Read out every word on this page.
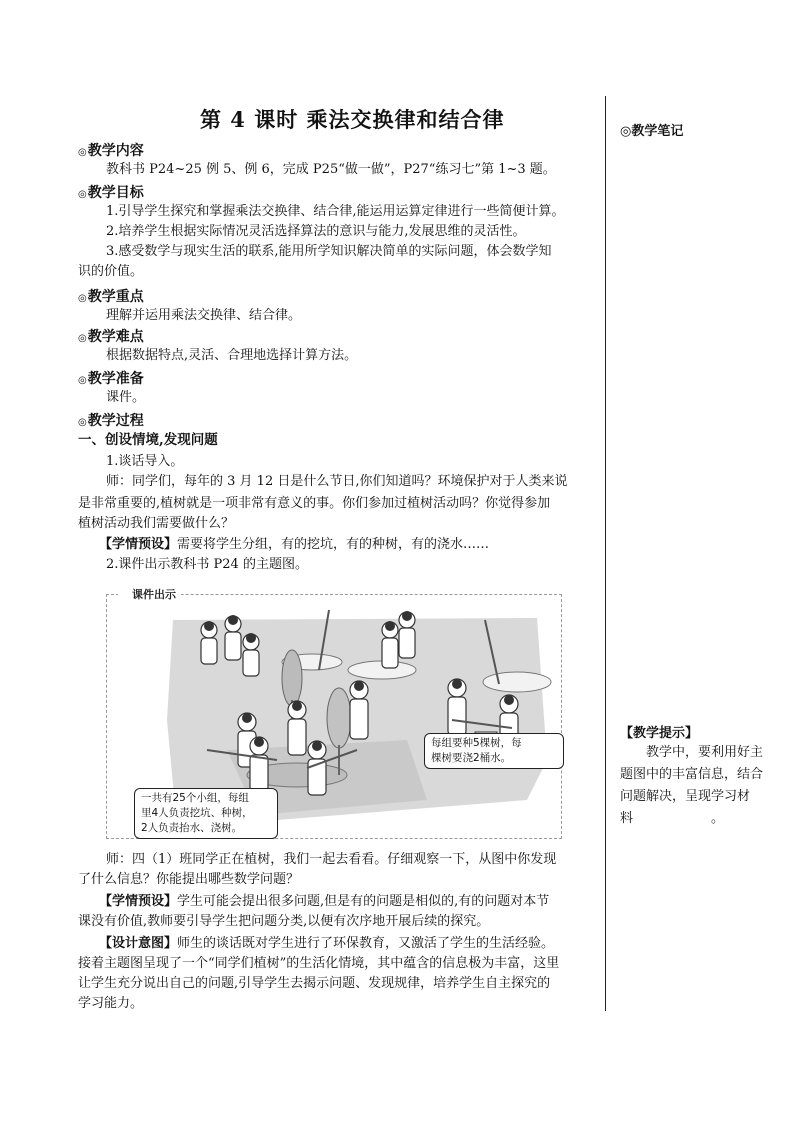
第 4 课时 乘法交换律和结合律	◎教学笔记
◎教学内容
教科书 P24~25 例 5、例 6，完成 P25“做一做”，P27“练习七”第 1~3 题。
◎教学目标
1.引导学生探究和掌握乘法交换律、结合律,能运用运算定律进行一些简便计算。
2.培养学生根据实际情况灵活选择算法的意识与能力,发展思维的灵活性。
3.感受数学与现实生活的联系,能用所学知识解决简单的实际问题，体会数学知
识的价值。
◎教学重点
理解并运用乘法交换律、结合律。
◎教学难点
根据数据特点,灵活、合理地选择计算方法。
◎教学准备
课件。
◎教学过程
一、创设情境,发现问题
1.谈话导入。
师：同学们，每年的 3 月 12 日是什么节日,你们知道吗？环境保护对于人类来说
是非常重要的,植树就是一项非常有意义的事。你们参加过植树活动吗？你觉得参加
植树活动我们需要做什么？
【学情预设】需要将学生分组，有的挖坑，有的种树，有的浇水……
2.课件出示教科书 P24 的主题图。
课件出示
每组要种5棵树，每
棵树要浇2桶水。
一共有25个小组，每组
里4人负责挖坑、种树，
2人负责抬水、浇树。
师：四（1）班同学正在植树，我们一起去看看。仔细观察一下，从图中你发现
了什么信息？你能提出哪些数学问题？
【学情预设】学生可能会提出很多问题,但是有的问题是相似的,有的问题对本节
课没有价值,教师要引导学生把问题分类,以便有次序地开展后续的探究。
【设计意图】师生的谈话既对学生进行了环保教育，又激活了学生的生活经验。
接着主题图呈现了一个“同学们植树”的生活化情境，其中蕴含的信息极为丰富，这里
让学生充分说出自己的问题,引导学生去揭示问题、发现规律，培养学生自主探究的
学习能力。
【教学提示】
教学中，要利用好主题图中的丰富信息，结合问题解决，呈现学习材料　　　　　　。
